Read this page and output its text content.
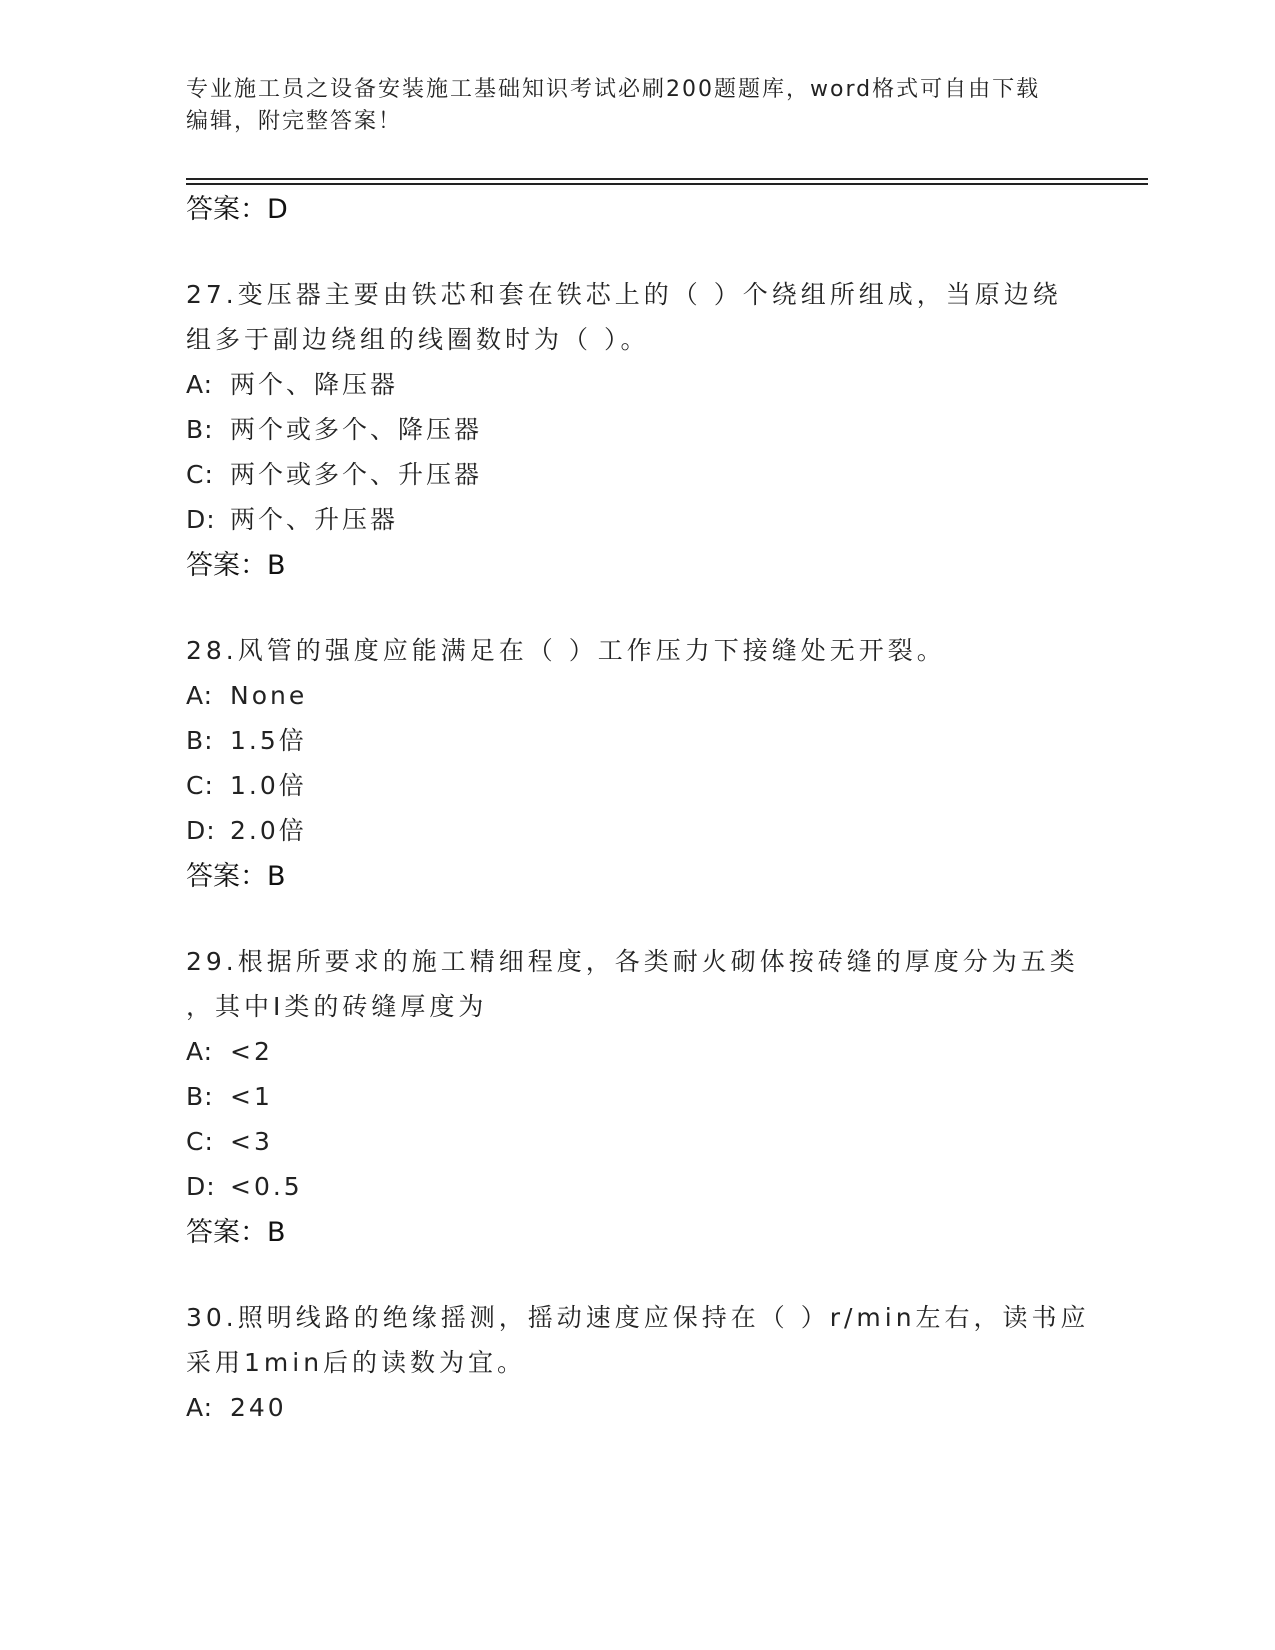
专业施工员之设备安装施工基础知识考试必刷200题题库，word格式可自由下载
编辑，附完整答案！
答案：D
27.变压器主要由铁芯和套在铁芯上的（ ）个绕组所组成，当原边绕
组多于副边绕组的线圈数时为（ ）。
A: 两个、降压器
B: 两个或多个、降压器
C: 两个或多个、升压器
D: 两个、升压器
答案：B
28.风管的强度应能满足在（ ）工作压力下接缝处无开裂。
A: None
B: 1.5倍
C: 1.0倍
D: 2.0倍
答案：B
29.根据所要求的施工精细程度，各类耐火砌体按砖缝的厚度分为五类
，其中Ⅰ类的砖缝厚度为
A: <2
B: <1
C: <3
D: <0.5
答案：B
30.照明线路的绝缘摇测，摇动速度应保持在（ ）r/min左右，读书应
采用1min后的读数为宜。
A: 240
